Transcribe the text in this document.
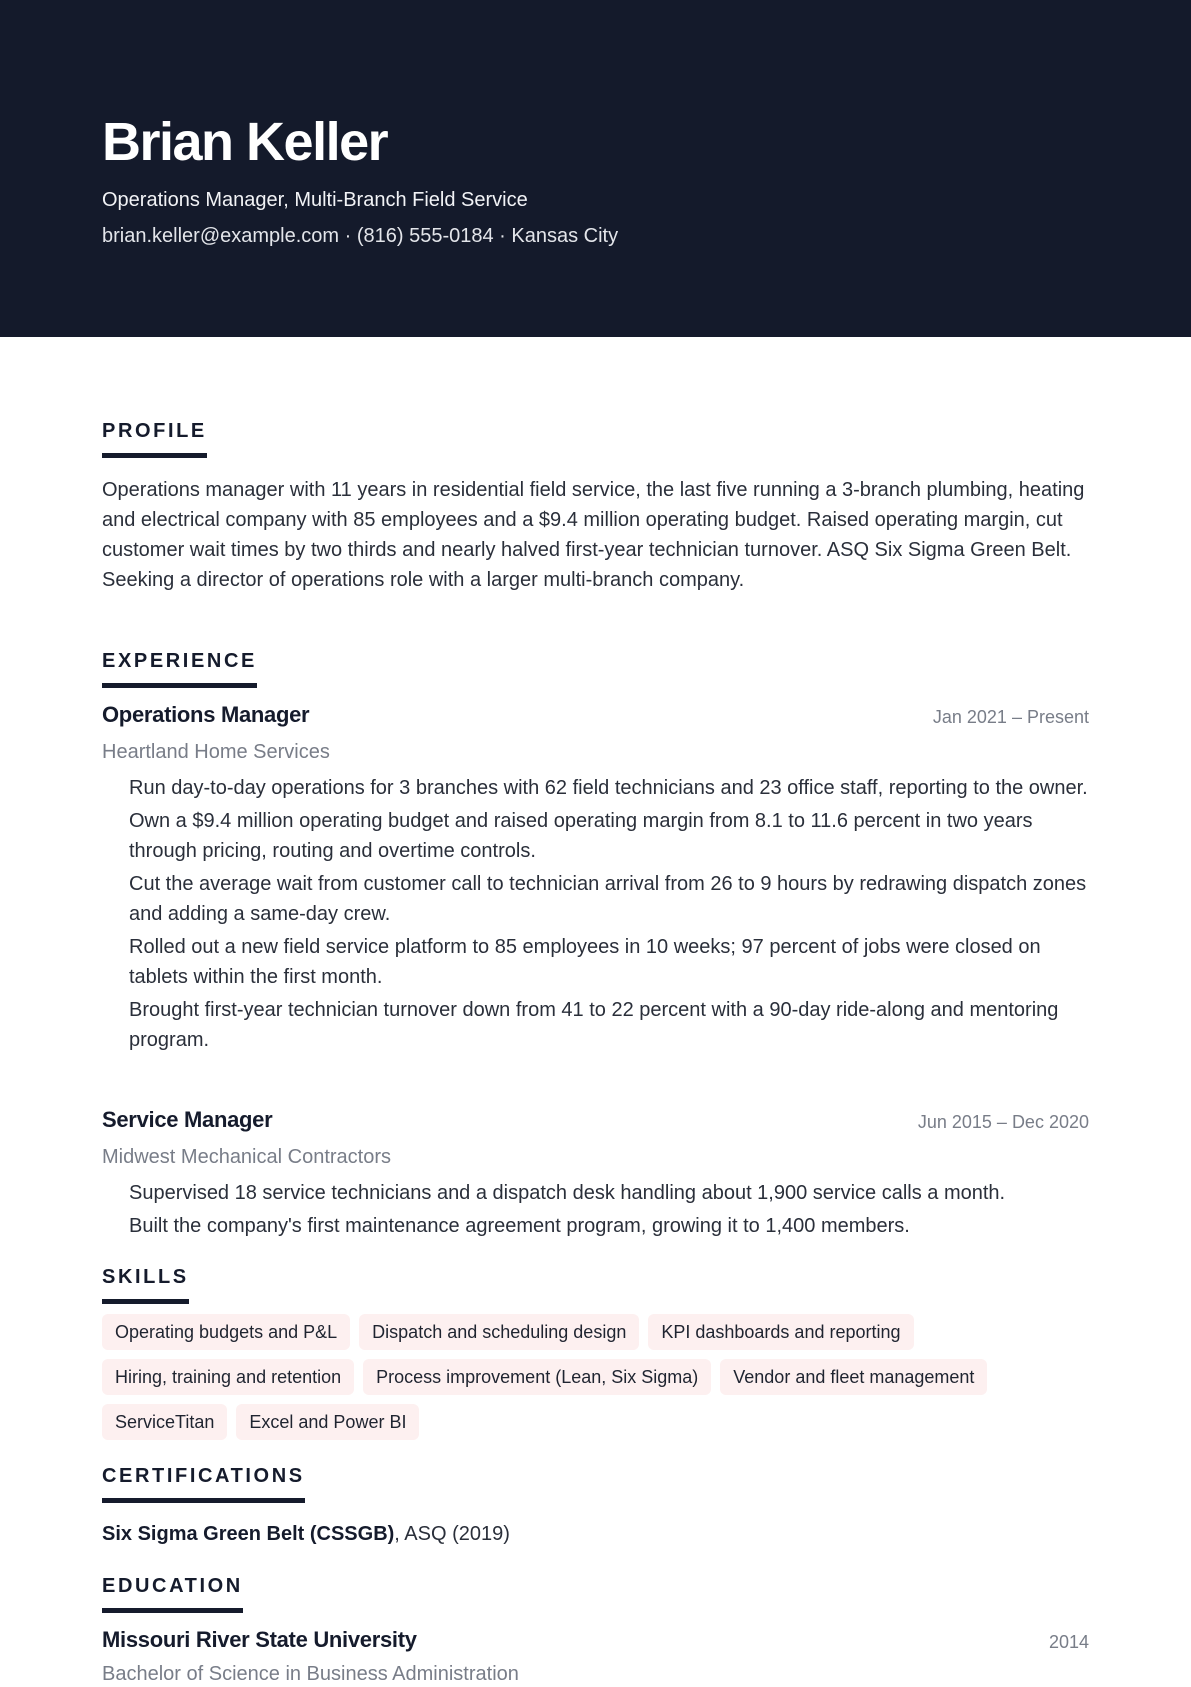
Brian Keller
Operations Manager, Multi-Branch Field Service
brian.keller@example.com · (816) 555-0184 · Kansas City
PROFILE
Operations manager with 11 years in residential field service, the last five running a 3-branch plumbing, heating and electrical company with 85 employees and a $9.4 million operating budget. Raised operating margin, cut customer wait times by two thirds and nearly halved first-year technician turnover. ASQ Six Sigma Green Belt. Seeking a director of operations role with a larger multi-branch company.
EXPERIENCE
Operations Manager	Jan 2021 – Present
Heartland Home Services
Run day-to-day operations for 3 branches with 62 field technicians and 23 office staff, reporting to the owner.
Own a $9.4 million operating budget and raised operating margin from 8.1 to 11.6 percent in two years through pricing, routing and overtime controls.
Cut the average wait from customer call to technician arrival from 26 to 9 hours by redrawing dispatch zones and adding a same-day crew.
Rolled out a new field service platform to 85 employees in 10 weeks; 97 percent of jobs were closed on tablets within the first month.
Brought first-year technician turnover down from 41 to 22 percent with a 90-day ride-along and mentoring program.
Service Manager	Jun 2015 – Dec 2020
Midwest Mechanical Contractors
Supervised 18 service technicians and a dispatch desk handling about 1,900 service calls a month.
Built the company's first maintenance agreement program, growing it to 1,400 members.
SKILLS
Operating budgets and P&L	Dispatch and scheduling design	KPI dashboards and reporting
Hiring, training and retention	Process improvement (Lean, Six Sigma)	Vendor and fleet management
ServiceTitan	Excel and Power BI
CERTIFICATIONS
Six Sigma Green Belt (CSSGB), ASQ (2019)
EDUCATION
Missouri River State University	2014
Bachelor of Science in Business Administration
